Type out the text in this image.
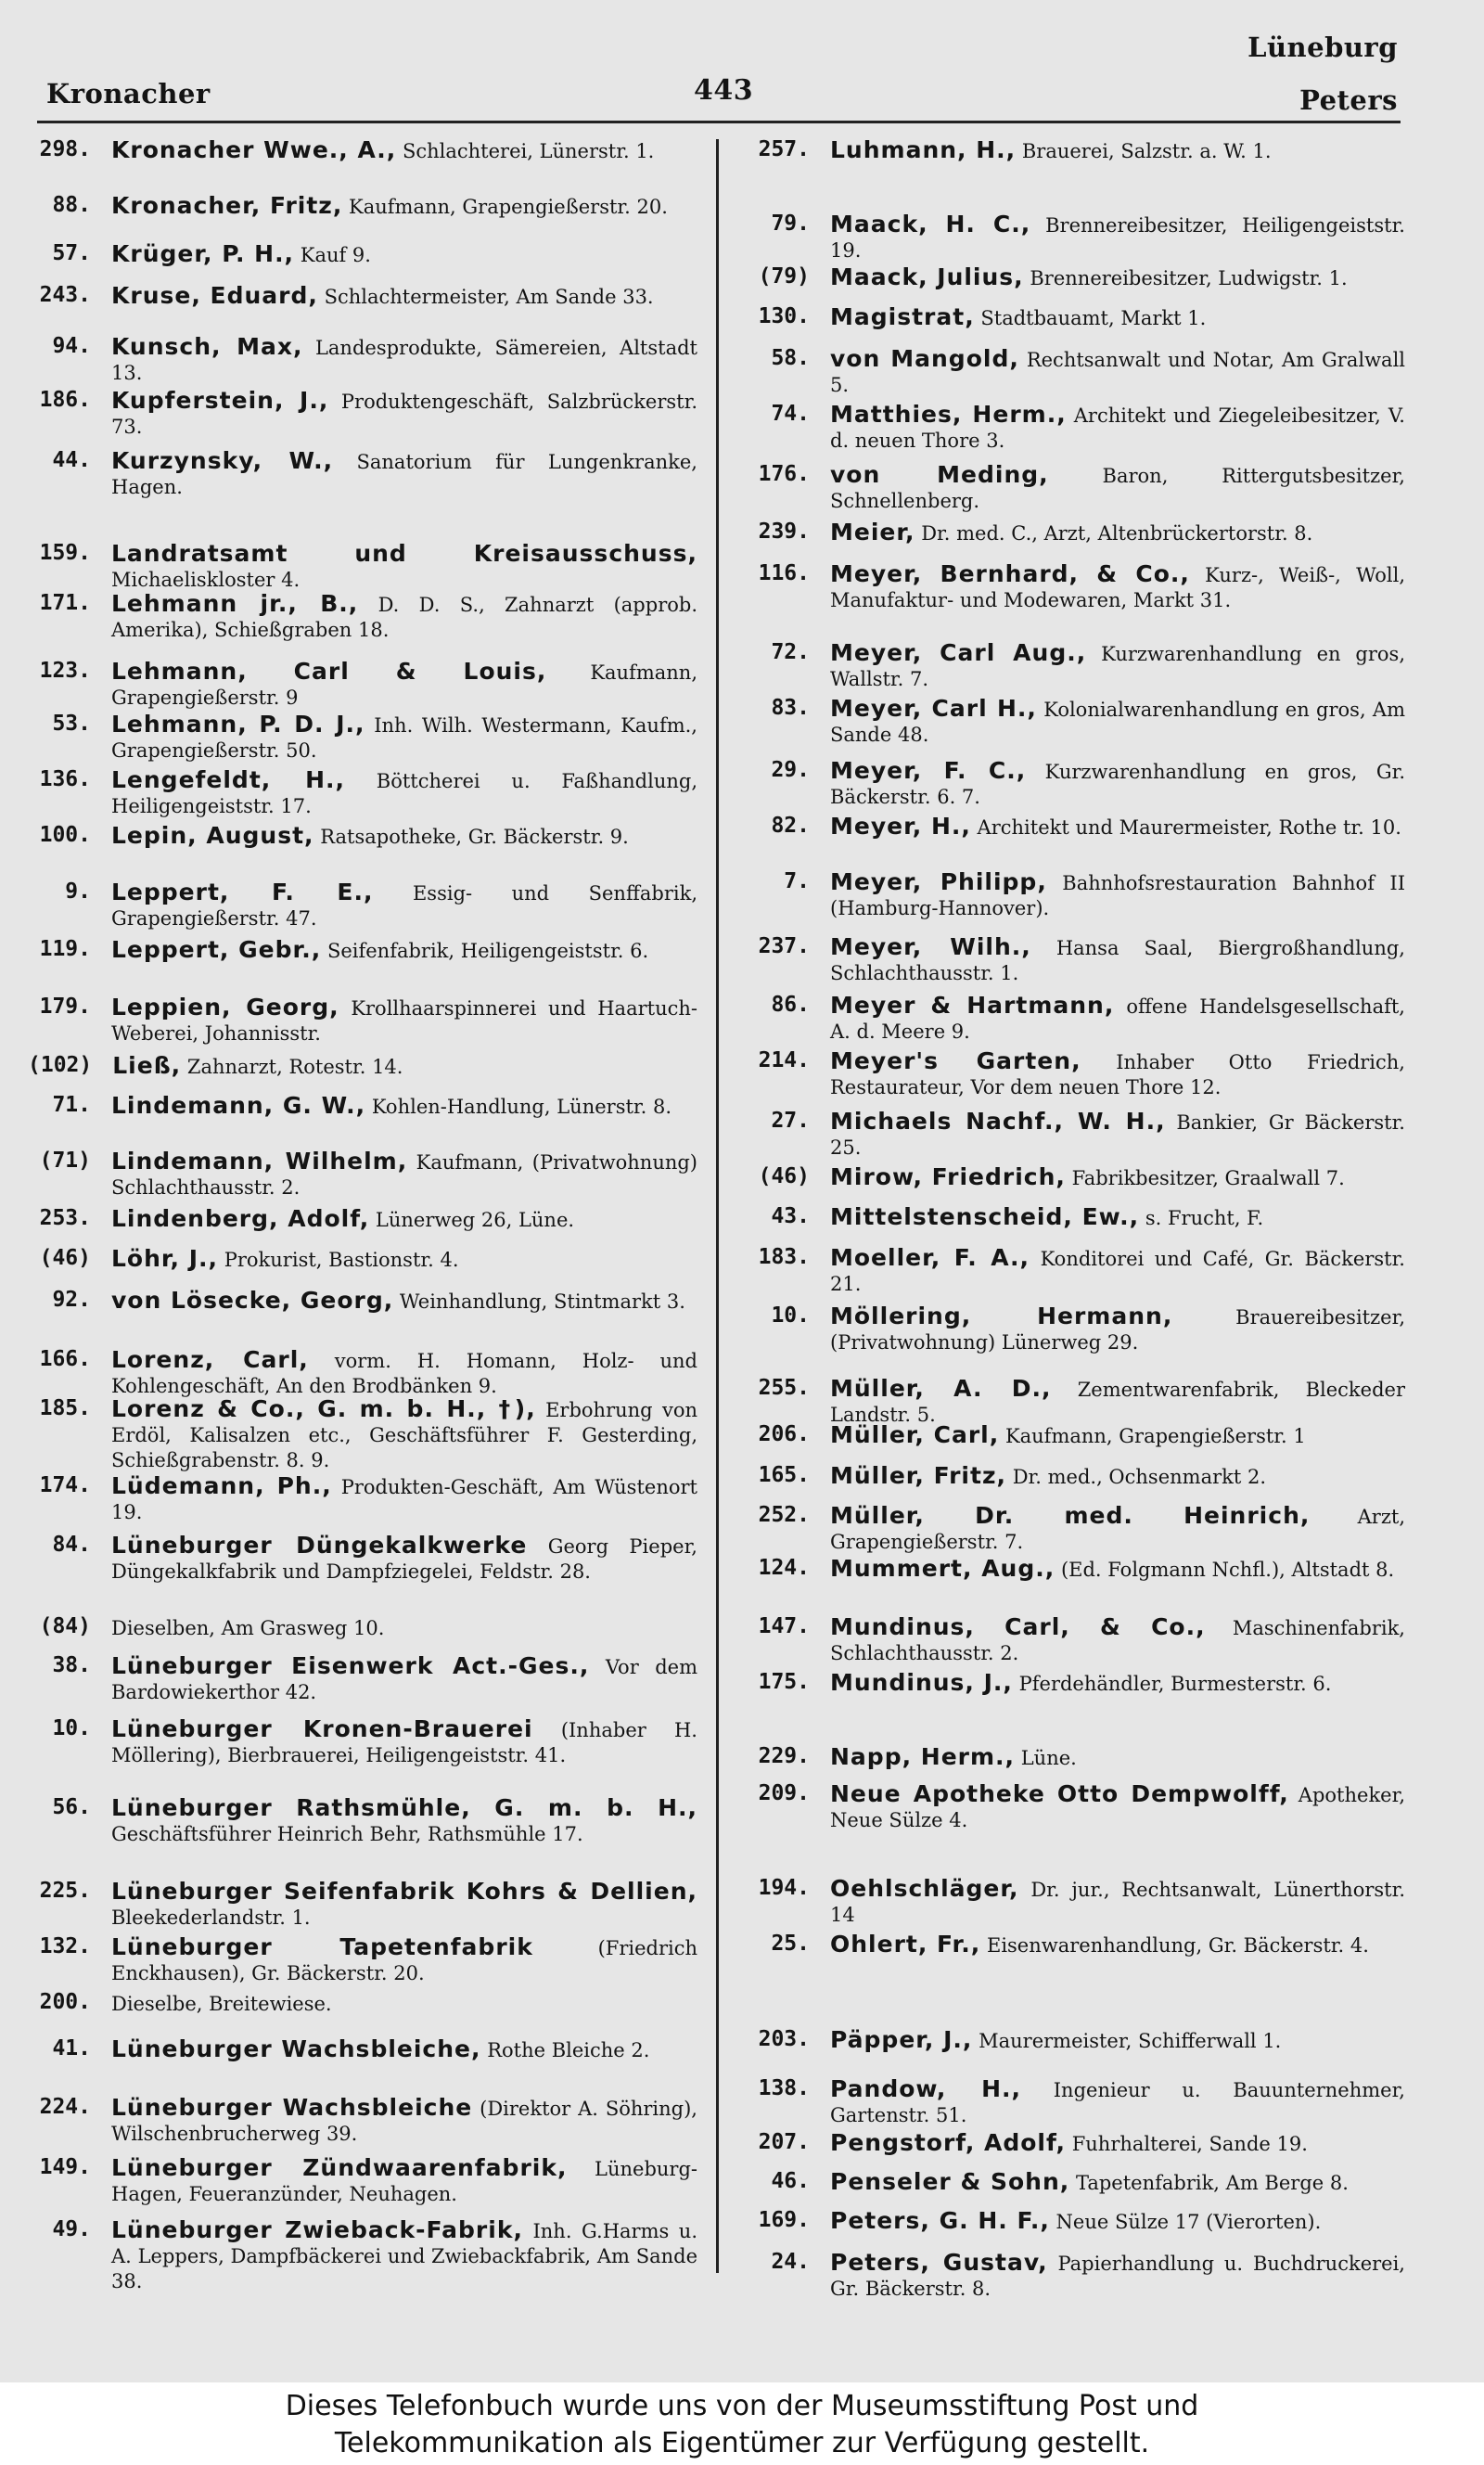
Kronacher	443
Lüneburg
Peters
298. Kronacher Wwe., A., Schlachterei, Lünerstr. 1.
88. Kronacher, Fritz, Kaufmann, Grapengießerstr. 20.
57. Krüger, P. H., Kauf 9.
243. Kruse, Eduard, Schlachtermeister, Am Sande 33.
94. Kunsch, Max, Landesprodukte, Sämereien, Altstadt 13.
186. Kupferstein, J., Produktengeschäft, Salzbrückerstr. 73.
44. Kurzynsky, W., Sanatorium für Lungenkranke, Hagen.
159. Landratsamt und Kreisausschuss, Michaeliskloster 4.
171. Lehmann jr., B., D. D. S., Zahnarzt (approb. Amerika), Schießgraben 18.
123. Lehmann, Carl & Louis, Kaufmann, Grapengießerstr. 9
53. Lehmann, P. D. J., Inh. Wilh. Westermann, Kaufm., Grapengießerstr. 50.
136. Lengefeldt, H., Böttcherei u. Faßhandlung, Heiligengeiststr. 17.
100. Lepin, August, Ratsapotheke, Gr. Bäckerstr. 9.
9. Leppert, F. E., Essig- und Senffabrik, Grapengießerstr. 47.
119. Leppert, Gebr., Seifenfabrik, Heiligengeiststr. 6.
179. Leppien, Georg, Krollhaarspinnerei und Haartuch-Weberei, Johannisstr.
(102) Ließ, Zahnarzt, Rotestr. 14.
71. Lindemann, G. W., Kohlen-Handlung, Lünerstr. 8.
(71) Lindemann, Wilhelm, Kaufmann, (Privatwohnung) Schlachthausstr. 2.
253. Lindenberg, Adolf, Lünerweg 26, Lüne.
(46) Löhr, J., Prokurist, Bastionstr. 4.
92. von Lösecke, Georg, Weinhandlung, Stintmarkt 3.
166. Lorenz, Carl, vorm. H. Homann, Holz- und Kohlengeschäft, An den Brodbänken 9.
185. Lorenz & Co., G. m. b. H., †), Erbohrung von Erdöl, Kalisalzen etc., Geschäftsführer F. Gesterding, Schießgrabenstr. 8. 9.
174. Lüdemann, Ph., Produkten-Geschäft, Am Wüstenort 19.
84. Lüneburger Düngekalkwerke Georg Pieper, Düngekalkfabrik und Dampfziegelei, Feldstr. 28.
(84)	Dieselben, Am Grasweg 10.
38. Lüneburger Eisenwerk Act.-Ges., Vor dem Bardowiekerthor 42.
10. Lüneburger Kronen-Brauerei (Inhaber H. Möllering), Bierbrauerei, Heiligengeiststr. 41.
56. Lüneburger Rathsmühle, G. m. b. H., Geschäftsführer Heinrich Behr, Rathsmühle 17.
225. Lüneburger Seifenfabrik Kohrs & Dellien, Bleekederlandstr. 1.
132. Lüneburger Tapetenfabrik	(Friedrich Enckhausen), Gr. Bäckerstr. 20.
200.	Dieselbe, Breitewiese.
41. Lüneburger Wachsbleiche, Rothe Bleiche 2.
224. Lüneburger Wachsbleiche (Direktor A. Söhring), Wilschenbrucherweg 39.
149. Lüneburger Zündwaarenfabrik, Lüneburg-Hagen, Feueranzünder, Neuhagen.
49. Lüneburger Zwieback-Fabrik, Inh. G.Harms u. A. Leppers, Dampfbäckerei und Zwiebackfabrik, Am Sande 38.
257. Luhmann, H., Brauerei, Salzstr. a. W. 1.
79. Maack, H. C., Brennereibesitzer, Heiligengeiststr. 19.
(79) Maack, Julius, Brennereibesitzer, Ludwigstr. 1.
130. Magistrat, Stadtbauamt, Markt 1.
58. von Mangold, Rechtsanwalt und Notar, Am Gralwall 5.
74. Matthies, Herm., Architekt und Ziegeleibesitzer, V. d. neuen Thore 3.
176. von Meding,	Baron, Rittergutsbesitzer, Schnellenberg.
239. Meier, Dr. med. C., Arzt, Altenbrückertorstr. 8.
116. Meyer, Bernhard, & Co., Kurz-, Weiß-, Woll, Manufaktur- und Modewaren, Markt 31.
72. Meyer, Carl Aug., Kurzwarenhandlung en gros, Wallstr. 7.
83. Meyer, Carl H., Kolonialwarenhandlung en gros, Am Sande 48.
29. Meyer, F. C., Kurzwarenhandlung en gros, Gr. Bäckerstr. 6. 7.
82. Meyer, H., Architekt und Maurermeister, Rothe tr. 10.
7. Meyer, Philipp, Bahnhofsrestauration Bahnhof II (Hamburg-Hannover).
237. Meyer, Wilh., Hansa Saal, Biergroßhandlung, Schlachthausstr. 1.
86. Meyer & Hartmann, offene Handelsgesellschaft, A. d. Meere 9.
214. Meyer's Garten, Inhaber Otto Friedrich, Restaurateur, Vor dem neuen Thore 12.
27. Michaels Nachf., W. H., Bankier, Gr Bäckerstr. 25.
(46) Mirow, Friedrich, Fabrikbesitzer, Graalwall 7.
43. Mittelstenscheid, Ew., s. Frucht, F.
183. Moeller, F. A., Konditorei und Café, Gr. Bäckerstr. 21.
10. Möllering, Hermann,	Brauereibesitzer, (Privatwohnung) Lünerweg 29.
255. Müller, A. D., Zementwarenfabrik, Bleckeder Landstr. 5.
206. Müller, Carl, Kaufmann, Grapengießerstr. 1
165. Müller, Fritz, Dr. med., Ochsenmarkt 2.
252. Müller, Dr. med. Heinrich, Arzt, Grapengießerstr. 7.
124. Mummert, Aug., (Ed. Folgmann Nchfl.), Altstadt 8.
147. Mundinus, Carl, & Co., Maschinenfabrik, Schlachthausstr. 2.
175. Mundinus, J., Pferdehändler, Burmesterstr. 6.
229. Napp, Herm., Lüne.
209. Neue Apotheke Otto Dempwolff, Apotheker, Neue Sülze 4.
194. Oehlschläger, Dr. jur., Rechtsanwalt, Lünerthorstr. 14
25. Ohlert, Fr., Eisenwarenhandlung, Gr. Bäckerstr. 4.
203. Päpper, J., Maurermeister, Schifferwall 1.
138. Pandow, H., Ingenieur u. Bauunternehmer, Gartenstr. 51.
207. Pengstorf, Adolf, Fuhrhalterei, Sande 19.
46. Penseler & Sohn, Tapetenfabrik, Am Berge 8.
169. Peters, G. H. F., Neue Sülze 17 (Vierorten).
24. Peters, Gustav, Papierhandlung u. Buchdruckerei, Gr. Bäckerstr. 8.
Dieses Telefonbuch wurde uns von der Museumsstiftung Post und
Telekommunikation als Eigentümer zur Verfügung gestellt.
